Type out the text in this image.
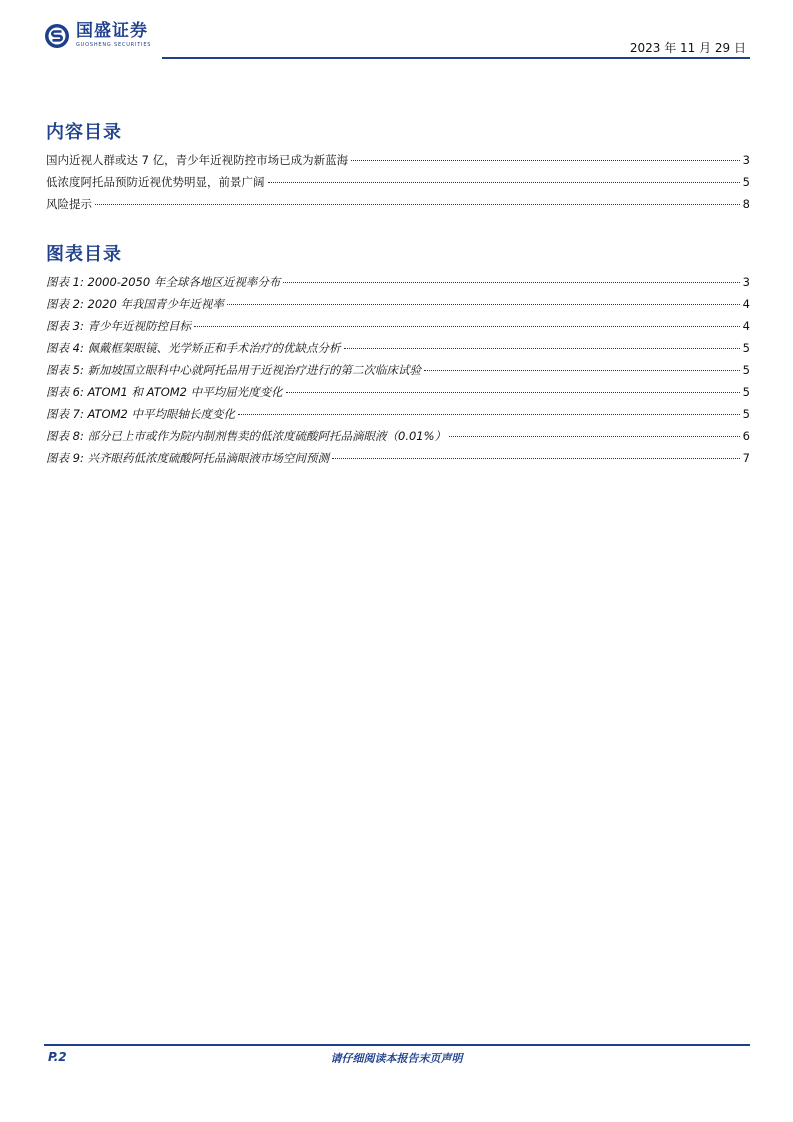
国盛证券
GUOSHENG SECURITIES	2023 年 11 月 29 日
内容目录
国内近视人群或达 7 亿，青少年近视防控市场已成为新蓝海	3
低浓度阿托品预防近视优势明显，前景广阔	5
风险提示	8
图表目录
图表 1: 2000-2050 年全球各地区近视率分布	3
图表 2: 2020 年我国青少年近视率	4
图表 3: 青少年近视防控目标	4
图表 4: 佩戴框架眼镜、光学矫正和手术治疗的优缺点分析	5
图表 5: 新加坡国立眼科中心就阿托品用于近视治疗进行的第二次临床试验	5
图表 6: ATOM1 和 ATOM2 中平均屈光度变化	5
图表 7: ATOM2 中平均眼轴长度变化	5
图表 8: 部分已上市或作为院内制剂售卖的低浓度硫酸阿托品滴眼液（0.01%）	6
图表 9: 兴齐眼药低浓度硫酸阿托品滴眼液市场空间预测	7
请仔细阅读本报告末页声明
P.2
